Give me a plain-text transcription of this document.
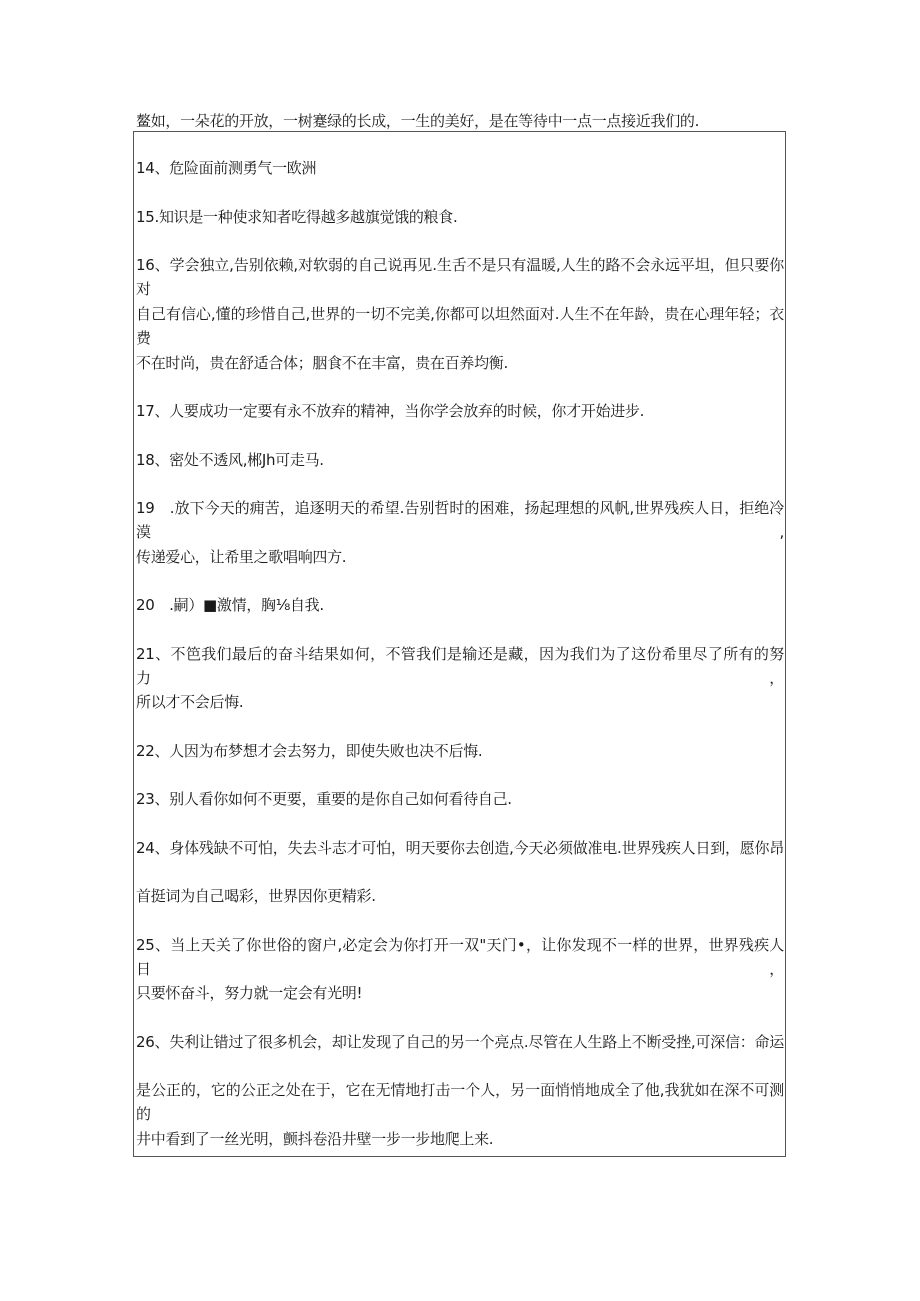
鳌如，一朵花的开放，一树蹇绿的长成，一生的美好，是在等待中一点一点接近我们的.
14、危险面前测勇气一欧洲
15.知识是一种使求知者吃得越多越旗觉饿的粮食.
16、学会独立,告别依赖,对软弱的自己说再见.生舌不是只有温暖,人生的路不会永远平坦，但只要你对
自己有信心,懂的珍惜自己,世界的一切不完美,你都可以坦然面对.人生不在年龄，贵在心理年轻；衣费
不在时尚，贵在舒适合体；胭食不在丰富，贵在百养均衡.
17、人要成功一定要有永不放弃的精神，当你学会放弃的时候，你才开始进步.
18、密处不透风,郴Jh可走马.
19　.放下今天的痈苦，追逐明天的希望.告别哲时的困难，扬起理想的风帆,世界残疾人日，拒绝冷漠,
传递爱心，让希里之歌唱响四方.
20　.嗣）■激情，胸⅛自我.
21、不笆我们最后的奋斗结果如何，不管我们是输还是藏，因为我们为了这份希里尽了所有的努力，
所以才不会后悔.
22、人因为布梦想才会去努力，即使失败也决不后悔.
23、别人看你如何不更要，重要的是你自己如何看待自己.
24、身体残缺不可怕，失去斗志才可怕，明天要你去创造,今天必须做准电.世界残疾人日到，愿你昂
首挺词为自己喝彩，世界因你更精彩.
25、当上天关了你世俗的窗户,必定会为你打开一双"天门•，让你发现不一样的世界，世界残疾人日，
只要怀奋斗，努力就一定会有光明!
26、失利让错过了很多机会，却让发现了自己的另一个亮点.尽管在人生路上不断受挫,可深信：命运
是公正的，它的公正之处在于，它在无情地打击一个人，另一面悄悄地成全了他,我犹如在深不可测的
井中看到了一丝光明，颤抖卷沿井壁一步一步地爬上来.
